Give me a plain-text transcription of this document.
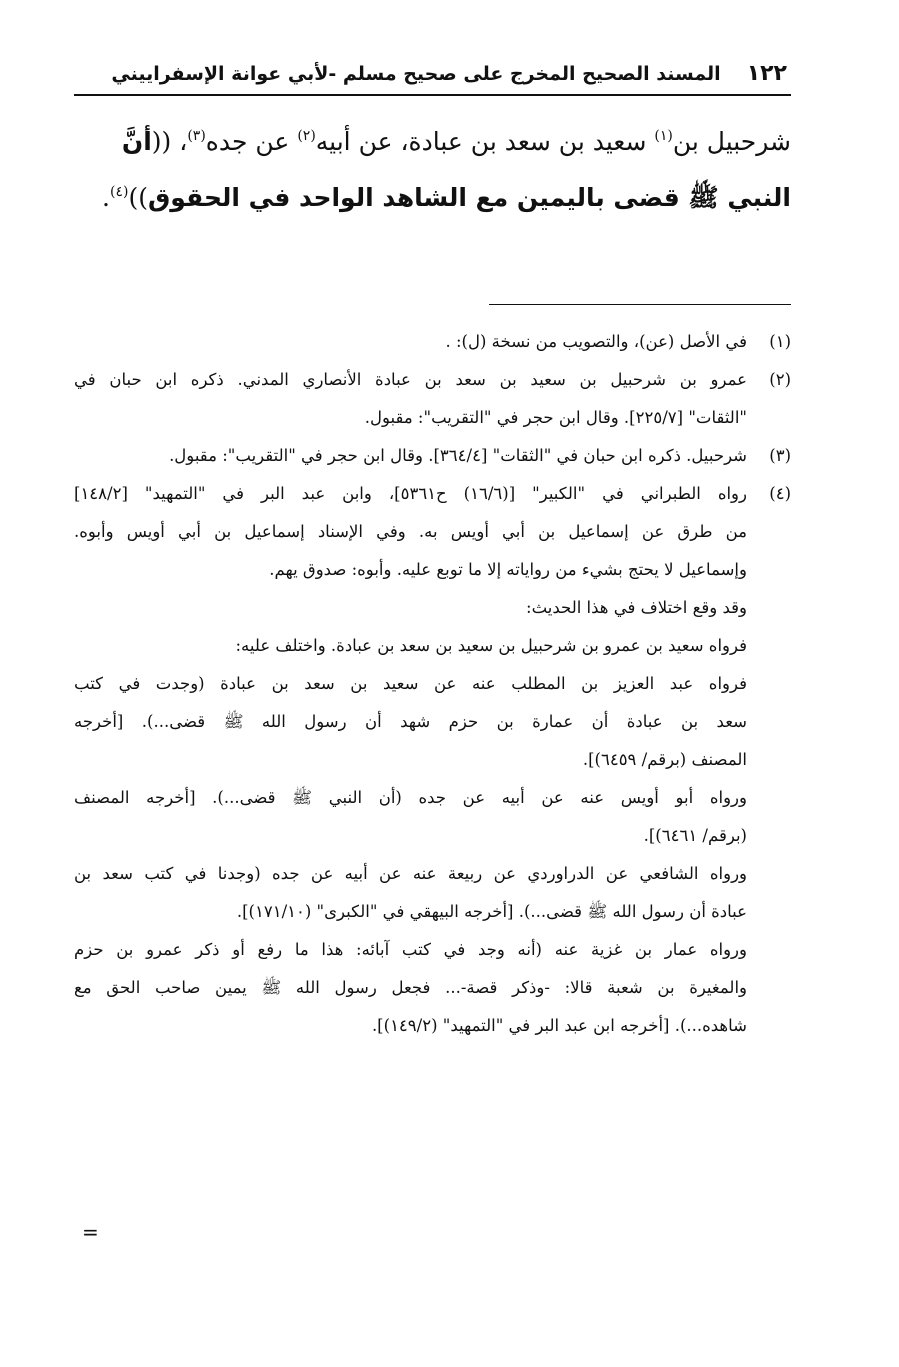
١٢٢
المسند الصحيح المخرج على صحيح مسلم -لأبي عوانة الإسفراييني
شرحبيل بن$^{(١)}$ سعيد بن سعد بن عبادة، عن أبيه$^{(٢)}$ عن جده$^{(٣)}$، ((أنَّ
النبي ﷺ قضى باليمين مع الشاهد الواحد في الحقوق))$^{(٤)}$.
(١)
في الأصل (عن)، والتصويب من نسخة (ل): .
(٢)
عمرو بن شرحبيل بن سعيد بن سعد بن عبادة الأنصاري المدني. ذكره ابن حبان في
"الثقات" [٢٢٥/٧]. وقال ابن حجر في "التقريب": مقبول.
(٣)
شرحبيل. ذكره ابن حبان في "الثقات" [٣٦٤/٤]. وقال ابن حجر في "التقريب": مقبول.
(٤)
رواه الطبراني في "الكبير" [(١٦/٦) ح٥٣٦١]، وابن عبد البر في "التمهيد" [١٤٨/٢]
من طرق عن إسماعيل بن أبي أويس به. وفي الإسناد إسماعيل بن أبي أويس وأبوه.
وإسماعيل لا يحتج بشيء من رواياته إلا ما توبع عليه. وأبوه: صدوق يهم.
وقد وقع اختلاف في هذا الحديث:
فرواه سعيد بن عمرو بن شرحبيل بن سعيد بن سعد بن عبادة. واختلف عليه:
فرواه عبد العزيز بن المطلب عنه عن سعيد بن سعد بن عبادة (وجدت في كتب
سعد بن عبادة أن عمارة بن حزم شهد أن رسول الله ﷺ قضى...). [أخرجه
المصنف (برقم/ ٦٤٥٩)].
ورواه أبو أويس عنه عن أبيه عن جده (أن النبي ﷺ قضى...). [أخرجه المصنف
(برقم/ ٦٤٦١)].
ورواه الشافعي عن الدراوردي عن ربيعة عنه عن أبيه عن جده (وجدنا في كتب سعد بن
عبادة أن رسول الله ﷺ قضى...). [أخرجه البيهقي في "الكبرى" (١٧١/١٠)].
ورواه عمار بن غزية عنه (أنه وجد في كتب آبائه: هذا ما رفع أو ذكر عمرو بن حزم
والمغيرة بن شعبة قالا: -وذكر قصة-... فجعل رسول الله ﷺ يمين صاحب الحق مع
شاهده...). [أخرجه ابن عبد البر في "التمهيد" (١٤٩/٢)].
=
